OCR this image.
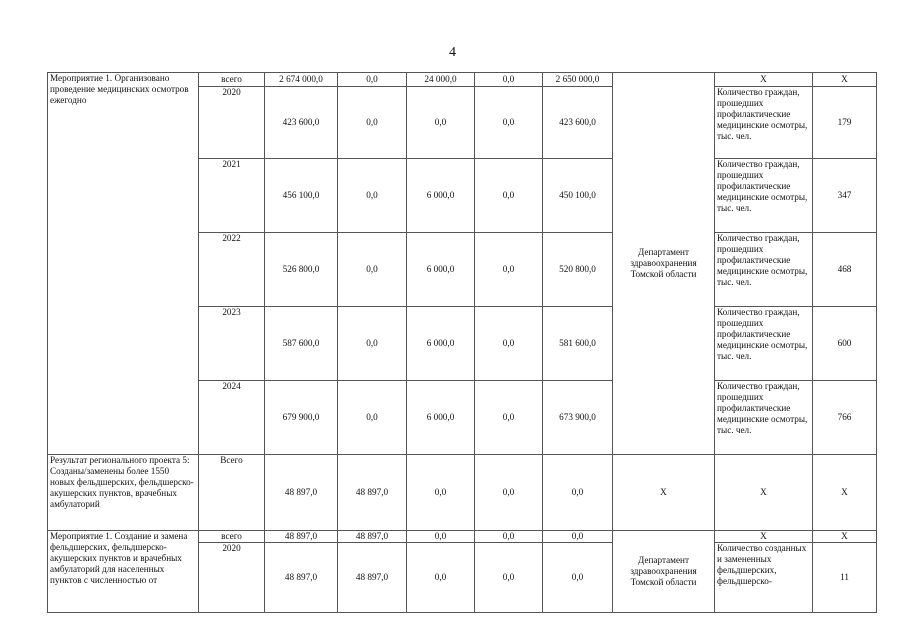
4
Мероприятие 1. Организовано проведение медицинских осмотров ежегодно	всего	2 674 000,0	0,0	24 000,0	0,0	2 650 000,0	Департамент здравоохранения Томской области	Х	Х
	2020	423 600,0	0,0	0,0	0,0	423 600,0		Количество граждан, прошедших профилактические медицинские осмотры, тыс. чел.	179

	2021	456 100,0	0,0	6 000,0	0,0	450 100,0		Количество граждан, прошедших профилактические медицинские осмотры, тыс. чел.	347

	2022	526 800,0	0,0	6 000,0	0,0	520 800,0		Количество граждан, прошедших профилактические медицинские осмотры, тыс. чел.	468

	2023	587 600,0	0,0	6 000,0	0,0	581 600,0		Количество граждан, прошедших профилактические медицинские осмотры, тыс. чел.	600

	2024	679 900,0	0,0	6 000,0	0,0	673 900,0		Количество граждан, прошедших профилактические медицинские осмотры, тыс. чел.	766

Результат регионального проекта 5: Созданы/заменены более 1550 новых фельдшерских, фельдшерско-акушерских пунктов, врачебных амбулаторий	Всего	48 897,0	48 897,0	0,0	0,0	0,0	Х	Х	Х
Мероприятие 1. Создание и замена фельдшерских, фельдшерско-акушерских пунктов и врачебных амбулаторий для населенных пунктов с численностью от	всего	48 897,0	48 897,0	0,0	0,0	0,0	Департамент здравоохранения Томской области	Х	Х
	2020	48 897,0	48 897,0	0,0	0,0	0,0		Количество созданных и замененных фельдшерских, фельдшерско-	11
